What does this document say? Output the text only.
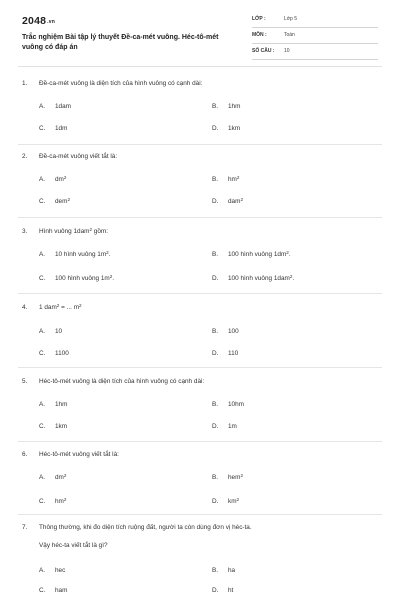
2048.vn
Trắc nghiệm Bài tập lý thuyết Đề-ca-mét vuông. Héc-tô-mét vuông có đáp án
LỚP :	Lớp 5
MÔN :	Toán
SỐ CÂU : 10
1. Đề-ca-mét vuông là diện tích của hình vuông có cạnh dài:
A. 1dam	B. 1hm
C. 1dm	D. 1km
2. Đề-ca-mét vuông viết tắt là:
A. $dm^2$	B. $hm^2$
C. dem$^2$	D. dam$^2$
3. Hình vuông 1dam$^2$ gồm:
A. 10 hình vuông $1m^2$.	B. 100 hình vuông $1dm^2$.
C. 100 hình vuông $1m^2$.	D. 100 hình vuông 1dam$^2$.
4. 1 dam$^2$ = ... $m^2$
A. 10	B. 100
C. 1100	D. 110
5. Héc-tô-mét vuông là diện tích của hình vuông có cạnh dài:
A. 1hm	B. 10hm
C. 1km	D. 1m
6. Héc-tô-mét vuông viết tắt là:
A. $dm^2$	B. hem$^2$
C. $hm^2$	D. $km^2$
7. Thông thường, khi đo diện tích ruộng đất, người ta còn dùng đơn vị héc-ta.
Vậy héc-ta viết tắt là gì?
A. hec	B. ha
C. ham	D. ht
